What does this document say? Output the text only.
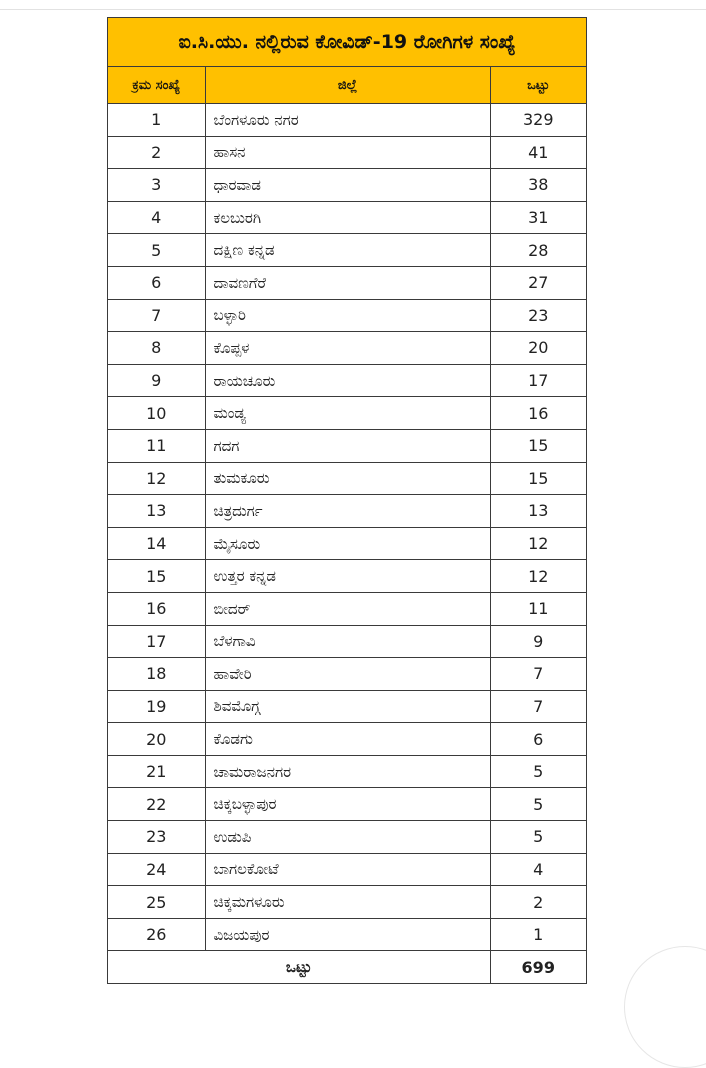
ಐ.ಸಿ.ಯು. ನಲ್ಲಿರುವ ಕೋವಿಡ್-19 ರೋಗಿಗಳ ಸಂಖ್ಯೆ
ಕ್ರಮ ಸಂಖ್ಯೆ	ಜಿಲ್ಲೆ	ಒಟ್ಟು
1	ಬೆಂಗಳೂರು ನಗರ	329
2	ಹಾಸನ	41
3	ಧಾರವಾಡ	38
4	ಕಲಬುರಗಿ	31
5	ದಕ್ಷಿಣ ಕನ್ನಡ	28
6	ದಾವಣಗೆರೆ	27
7	ಬಳ್ಳಾರಿ	23
8	ಕೊಪ್ಪಳ	20
9	ರಾಯಚೂರು	17
10	ಮಂಡ್ಯ	16
11	ಗದಗ	15
12	ತುಮಕೂರು	15
13	ಚಿತ್ರದುರ್ಗ	13
14	ಮೈಸೂರು	12
15	ಉತ್ತರ ಕನ್ನಡ	12
16	ಬೀದರ್	11
17	ಬೆಳಗಾವಿ	9
18	ಹಾವೇರಿ	7
19	ಶಿವಮೊಗ್ಗ	7
20	ಕೊಡಗು	6
21	ಚಾಮರಾಜನಗರ	5
22	ಚಿಕ್ಕಬಳ್ಳಾಪುರ	5
23	ಉಡುಪಿ	5
24	ಬಾಗಲಕೋಟೆ	4
25	ಚಿಕ್ಕಮಗಳೂರು	2
26	ವಿಜಯಪುರ	1
ಒಟ್ಟು		699
